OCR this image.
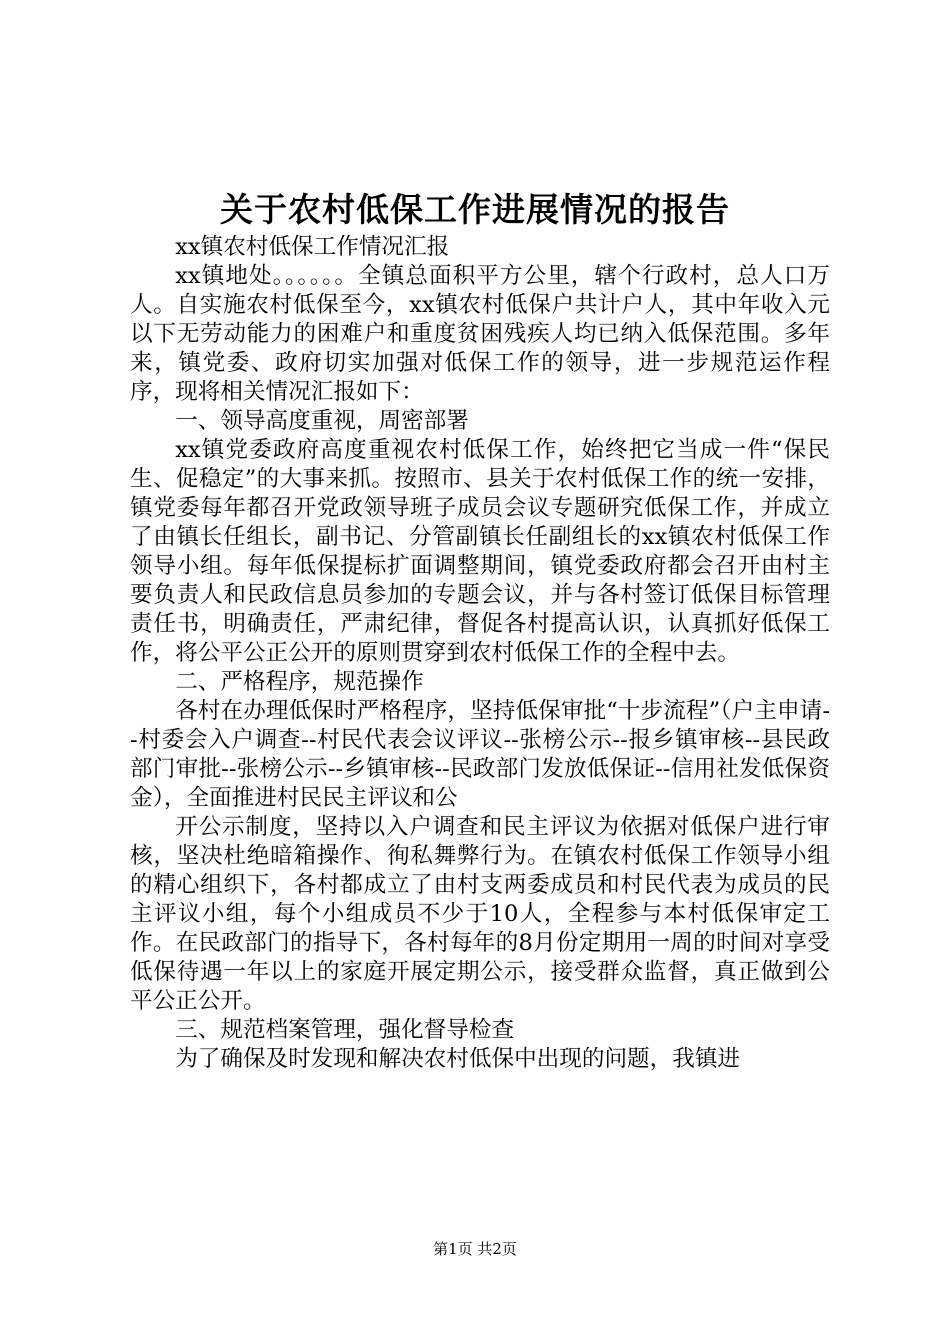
关于农村低保工作进展情况的报告

xx镇农村低保工作情况汇报

xx镇地处。。。。。。全镇总面积平方公里，辖个行政村，总人口万人。自实施农村低保至今，xx镇农村低保户共计户人，其中年收入元以下无劳动能力的困难户和重度贫困残疾人均已纳入低保范围。多年来，镇党委、政府切实加强对低保工作的领导，进一步规范运作程序，现将相关情况汇报如下：

一、领导高度重视，周密部署

xx镇党委政府高度重视农村低保工作，始终把它当成一件“保民生、促稳定”的大事来抓。按照市、县关于农村低保工作的统一安排，镇党委每年都召开党政领导班子成员会议专题研究低保工作，并成立了由镇长任组长，副书记、分管副镇长任副组长的xx镇农村低保工作领导小组。每年低保提标扩面调整期间，镇党委政府都会召开由村主要负责人和民政信息员参加的专题会议，并与各村签订低保目标管理责任书，明确责任，严肃纪律，督促各村提高认识，认真抓好低保工作，将公平公正公开的原则贯穿到农村低保工作的全程中去。

二、严格程序，规范操作

各村在办理低保时严格程序，坚持低保审批“十步流程”（户主申请--村委会入户调查--村民代表会议评议--张榜公示--报乡镇审核--县民政部门审批--张榜公示--乡镇审核--民政部门发放低保证--信用社发低保资金），全面推进村民民主评议和公

开公示制度，坚持以入户调查和民主评议为依据对低保户进行审核，坚决杜绝暗箱操作、徇私舞弊行为。在镇农村低保工作领导小组的精心组织下，各村都成立了由村支两委成员和村民代表为成员的民主评议小组，每个小组成员不少于10人，全程参与本村低保审定工作。在民政部门的指导下，各村每年的8月份定期用一周的时间对享受低保待遇一年以上的家庭开展定期公示，接受群众监督，真正做到公平公正公开。

三、规范档案管理，强化督导检查

为了确保及时发现和解决农村低保中出现的问题，我镇进

第1页 共2页
